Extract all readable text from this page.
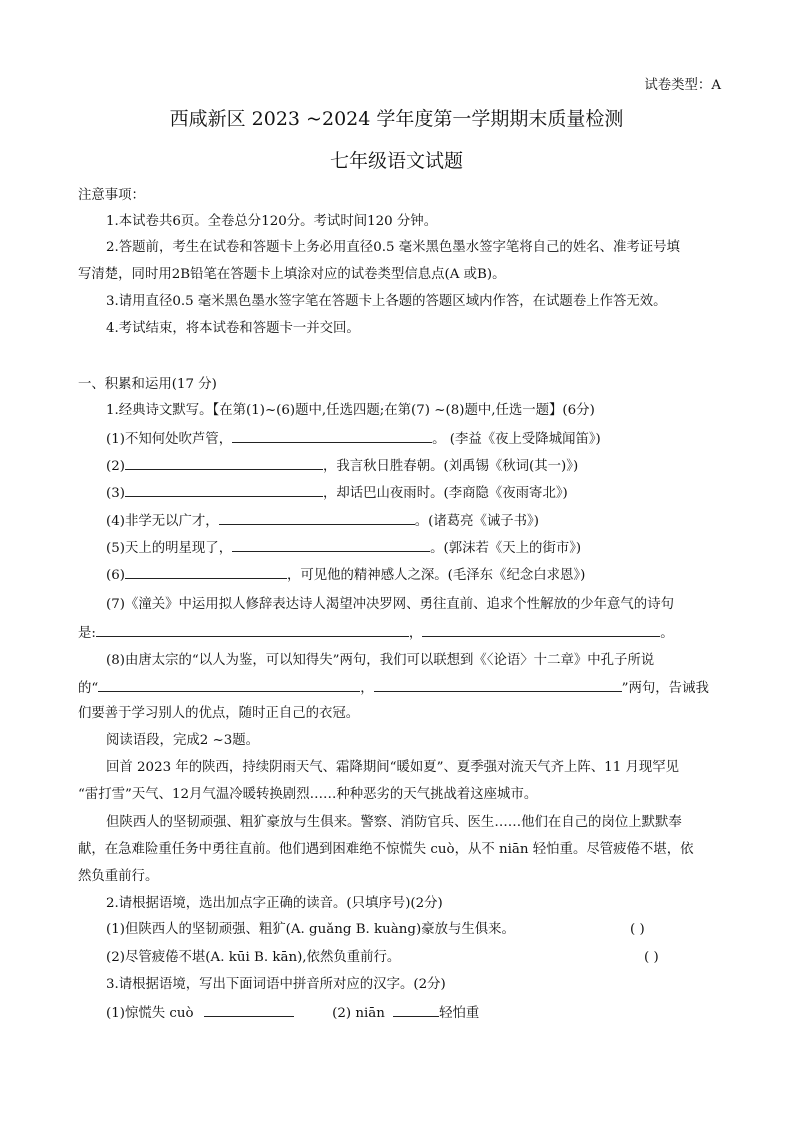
试卷类型：A
西咸新区 2023 ~2024 学年度第一学期期末质量检测
七年级语文试题
注意事项：
1.本试卷共6页。全卷总分120分。考试时间120 分钟。
2.答题前，考生在试卷和答题卡上务必用直径0.5 毫米黑色墨水签字笔将自己的姓名、准考证号填
写清楚，同时用2B铅笔在答题卡上填涂对应的试卷类型信息点(A 或B)。
3.请用直径0.5 毫米黑色墨水签字笔在答题卡上各题的答题区域内作答，在试题卷上作答无效。
4.考试结束，将本试卷和答题卡一并交回。
一、积累和运用(17 分)
1.经典诗文默写。【在第(1)~(6)题中,任选四题;在第(7) ~(8)题中,任选一题】(6分)
(1)不知何处吹芦管，	。 (李益《夜上受降城闻笛》)
(2)	，我言秋日胜春朝。(刘禹锡《秋词(其一)》)
(3)	，却话巴山夜雨时。(李商隐《夜雨寄北》)
(4)非学无以广才，	。(诸葛亮《诫子书》)
(5)天上的明星现了，	。(郭沫若《天上的街市》)
(6)	，可见他的精神感人之深。(毛泽东《纪念白求恩》)
(7)《潼关》中运用拟人修辞表达诗人渴望冲决罗网、勇往直前、追求个性解放的少年意气的诗句
是:	，	。
(8)由唐太宗的“以人为鉴，可以知得失”两句，我们可以联想到《〈论语〉十二章》中孔子所说
的“	，	”两句，告诫我
们要善于学习别人的优点，随时正自己的衣冠。
阅读语段，完成2 ~3题。
回首 2023 年的陕西，持续阴雨天气、霜降期间“暖如夏”、夏季强对流天气齐上阵、11 月现罕见
“雷打雪”天气、12月气温冷暖转换剧烈……种种恶劣的天气挑战着这座城市。
但陕西人的坚韧顽强、粗犷豪放与生俱来。警察、消防官兵、医生……他们在自己的岗位上默默奉
献，在急难险重任务中勇往直前。他们遇到困难绝不惊慌失 cuò，从不 niān 轻怕重。尽管疲倦不堪，依
然负重前行。
2.请根据语境，选出加点字正确的读音。(只填序号)(2分)
(1)但陕西人的坚韧顽强、粗犷(A. guǎng B. kuàng)豪放与生俱来。	( )
(2)尽管疲倦不堪(A. kūi B. kān),依然负重前行。	( )
3.请根据语境，写出下面词语中拼音所对应的汉字。(2分)
(1)惊慌失 cuò	(2) niān	轻怕重
